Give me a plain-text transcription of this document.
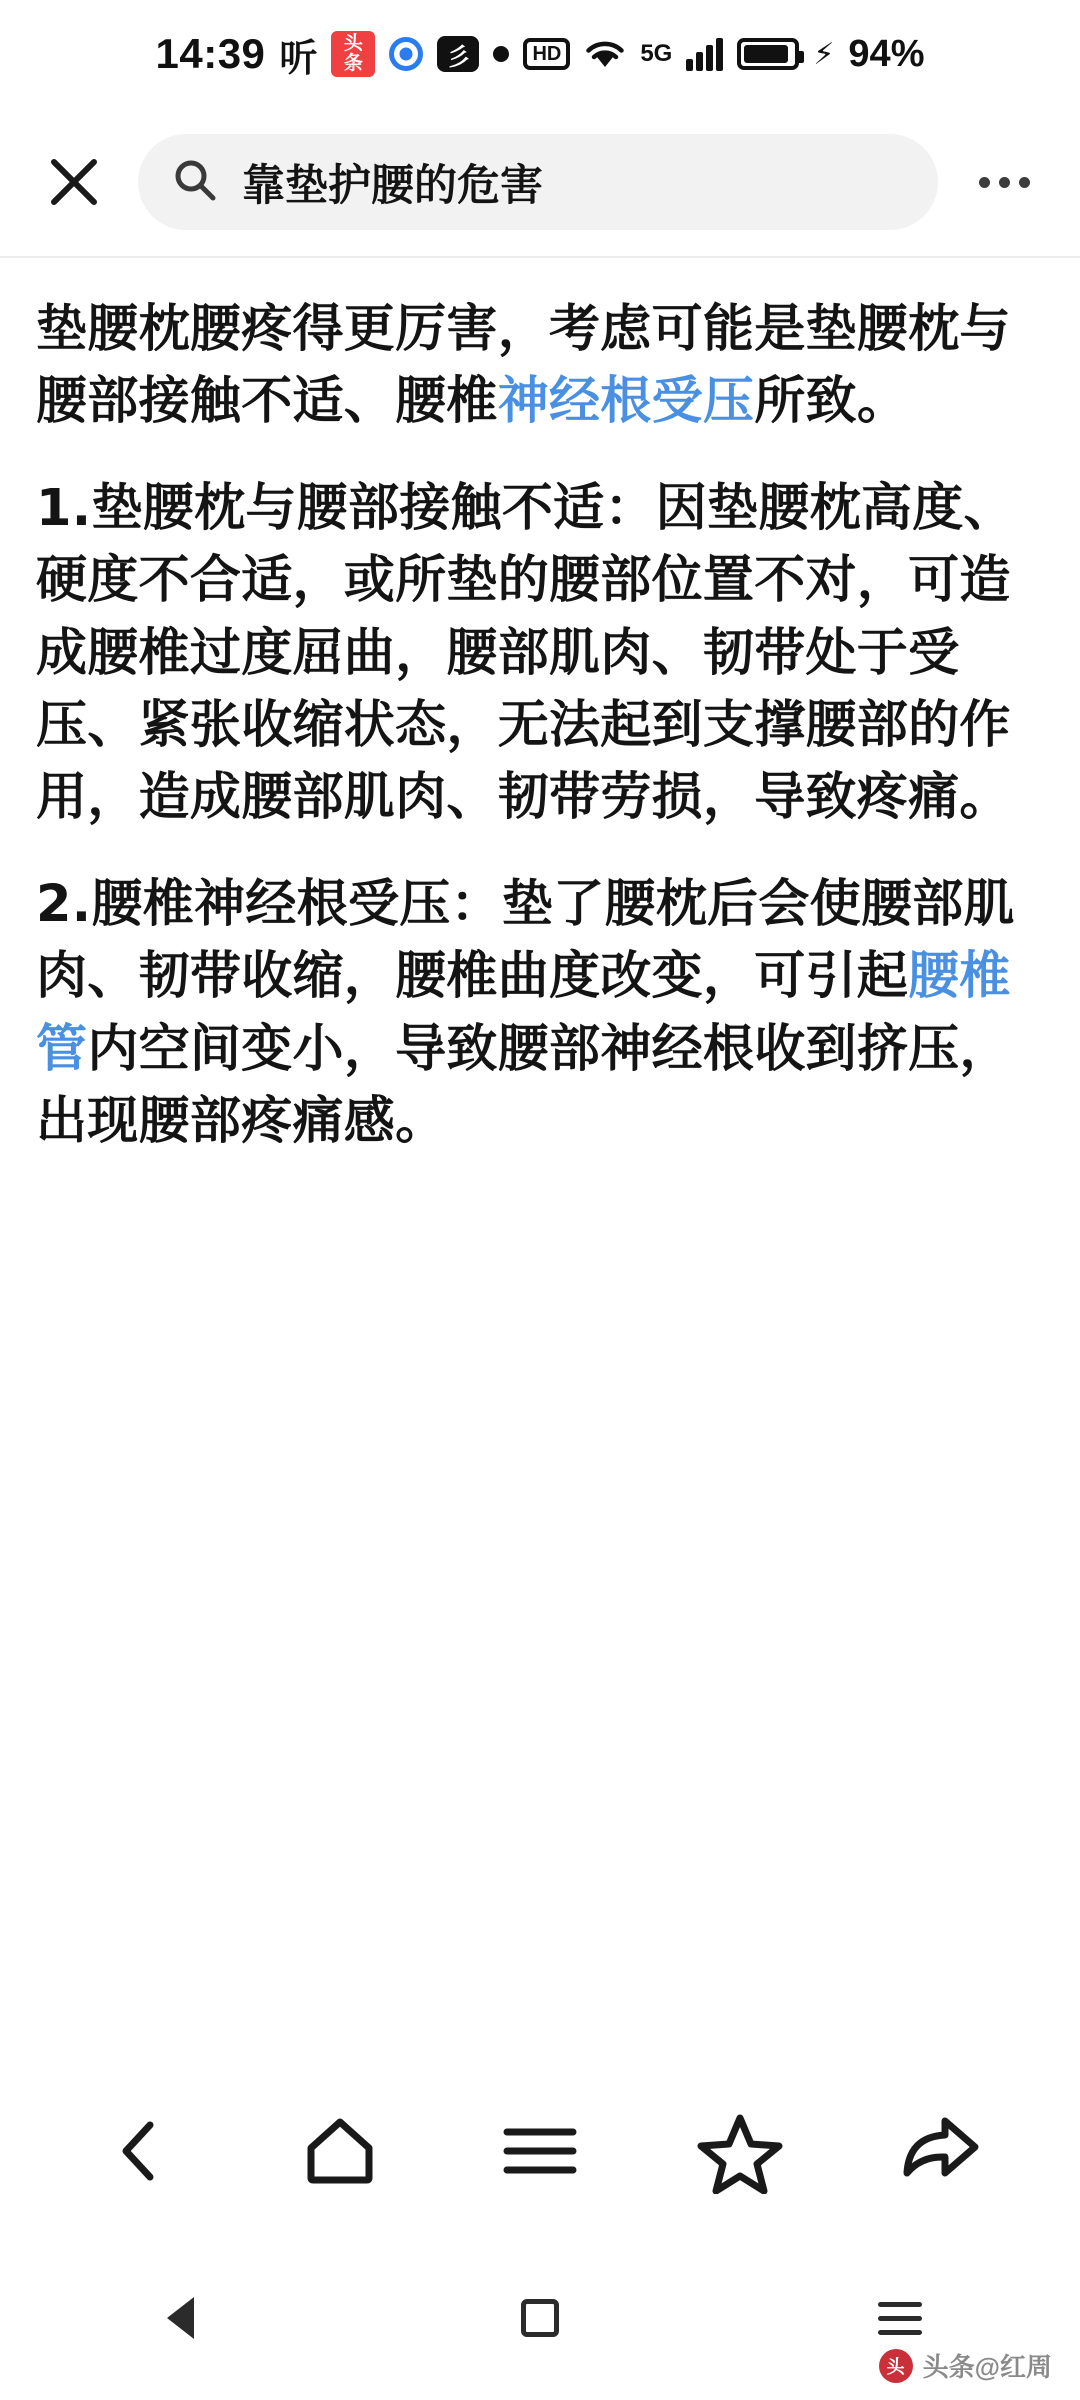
14:39 听	头条	彡	HD	5G	⚡ 94%
靠垫护腰的危害

垫腰枕腰疼得更厉害，考虑可能是垫腰枕与腰部接触不适、腰椎神经根受压所致。

1.垫腰枕与腰部接触不适：因垫腰枕高度、硬度不合适，或所垫的腰部位置不对，可造成腰椎过度屈曲，腰部肌肉、韧带处于受压、紧张收缩状态，无法起到支撑腰部的作用，造成腰部肌肉、韧带劳损，导致疼痛。

2.腰椎神经根受压：垫了腰枕后会使腰部肌肉、韧带收缩，腰椎曲度改变，可引起腰椎管内空间变小，导致腰部神经根收到挤压，出现腰部疼痛感。

头 头条@红周
